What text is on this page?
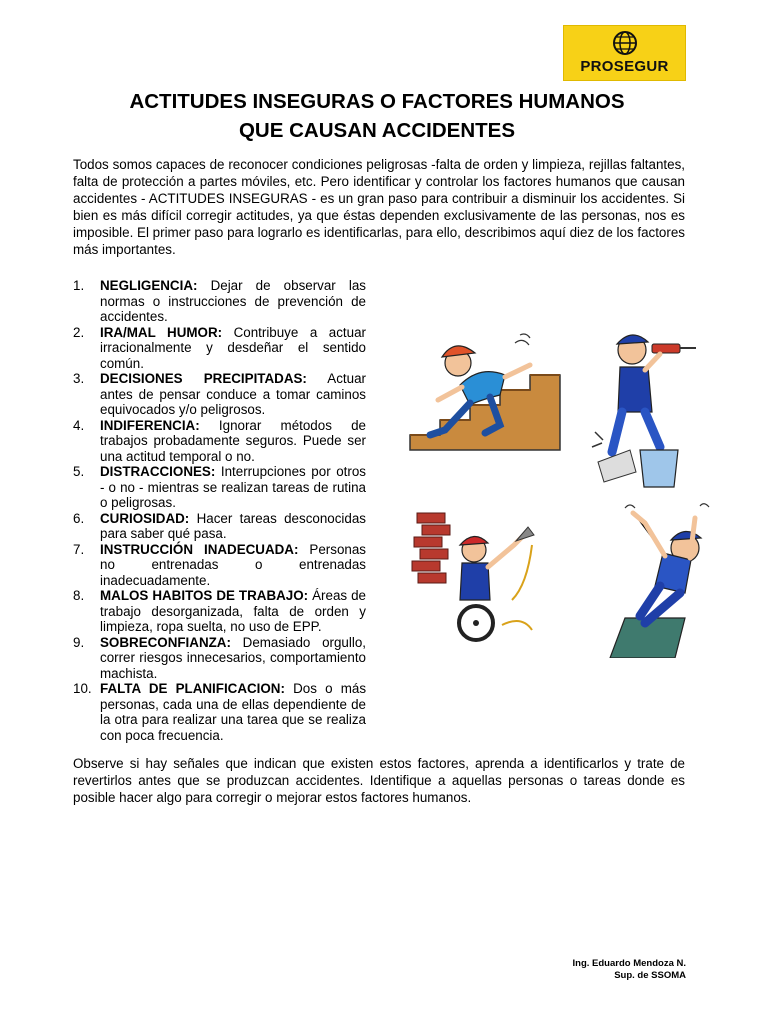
PROSEGUR
ACTITUDES INSEGURAS O FACTORES HUMANOS
QUE CAUSAN ACCIDENTES

Todos somos capaces de reconocer condiciones peligrosas -falta de orden y limpieza, rejillas faltantes, falta de protección a partes móviles, etc. Pero identificar y controlar los factores humanos que causan accidentes - ACTITUDES INSEGURAS - es un gran paso para contribuir a disminuir los accidentes. Si bien es más difícil corregir actitudes, ya que éstas dependen exclusivamente de las personas, nos es imposible. El primer paso para lograrlo es identificarlas, para ello, describimos aquí diez de los factores más importantes.

1. NEGLIGENCIA: Dejar de observar las normas o instrucciones de prevención de accidentes.
2. IRA/MAL HUMOR: Contribuye a actuar irracionalmente y desdeñar el sentido común.
3. DECISIONES PRECIPITADAS: Actuar antes de pensar conduce a tomar caminos equivocados y/o peligrosos.
4. INDIFERENCIA: Ignorar métodos de trabajos probadamente seguros. Puede ser una actitud temporal o no.
5. DISTRACCIONES: Interrupciones por otros - o no - mientras se realizan tareas de rutina o peligrosas.
6. CURIOSIDAD: Hacer tareas desconocidas para saber qué pasa.
7. INSTRUCCIÓN INADECUADA: Personas no entrenadas o entrenadas inadecuadamente.
8. MALOS HABITOS DE TRABAJO: Áreas de trabajo desorganizada, falta de orden y limpieza, ropa suelta, no uso de EPP.
9. SOBRECONFIANZA: Demasiado orgullo, correr riesgos innecesarios, comportamiento machista.
10. FALTA DE PLANIFICACION: Dos o más personas, cada una de ellas dependiente de la otra para realizar una tarea que se realiza con poca frecuencia.

Observe si hay señales que indican que existen estos factores, aprenda a identificarlos y trate de revertirlos antes que se produzcan accidentes. Identifique a aquellas personas o tareas donde es posible hacer algo para corregir o mejorar estos factores humanos.

Ing. Eduardo Mendoza N.
Sup. de SSOMA
